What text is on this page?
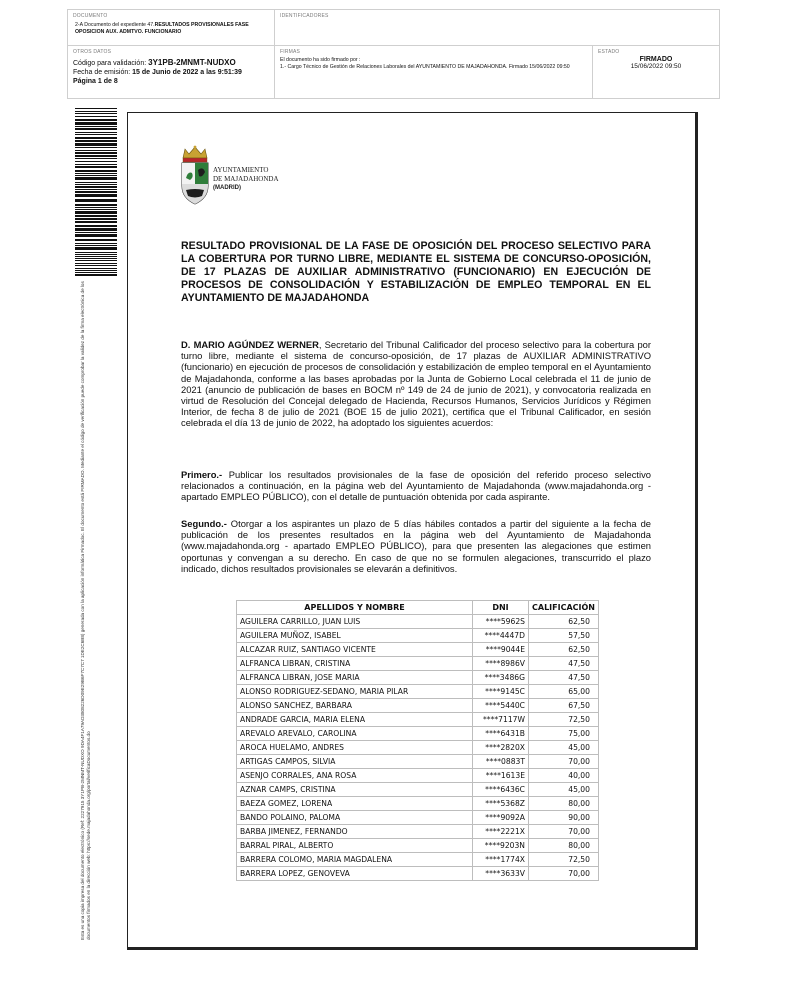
DOCUMENTO
2-A Documento del expediente 47.RESULTADOS PROVISIONALES FASE OPOSICION AUX. ADMTVO. FUNCIONARIO
IDENTIFICADORES
OTROS DATOS
Código para validación: 3Y1PB-2MNMT-NUDXO
Fecha de emisión: 15 de Junio de 2022 a las 9:51:39
Página 1 de 8
FIRMAS
El documento ha sido firmado por :
1.- Cargo Técnico de Gestión de Relaciones Laborales del AYUNTAMIENTO DE MAJADAHONDA. Firmado 15/06/2022 09:50
ESTADO
FIRMADO
15/06/2022 09:50
Esta es una copia impresa del documento electrónico (Ref: 2227915 3Y1PB-2MNMT-NUDXO 9DA4F1A79AD3808226D09E29B6F7C7C7 1DE2C6B8) generada con la aplicación informática Firmadoc. El documento está FIRMADO. Mediante el código de verificación puede comprobar la validez de la firma electrónica de los documentos firmados en la dirección web: https://sede.majadahonda.org/portal/verificaDocumentos.do
AYUNTAMIENTO
DE MAJADAHONDA
(MADRID)
RESULTADO PROVISIONAL DE LA FASE DE OPOSICIÓN DEL PROCESO SELECTIVO PARA LA COBERTURA POR TURNO LIBRE, MEDIANTE EL SISTEMA DE CONCURSO-OPOSICIÓN, DE 17 PLAZAS DE AUXILIAR ADMINISTRATIVO (FUNCIONARIO) EN EJECUCIÓN DE PROCESOS DE CONSOLIDACIÓN Y ESTABILIZACIÓN DE EMPLEO TEMPORAL EN EL AYUNTAMIENTO DE MAJADAHONDA
D. MARIO AGÚNDEZ WERNER, Secretario del Tribunal Calificador del proceso selectivo para la cobertura por turno libre, mediante el sistema de concurso-oposición, de 17 plazas de AUXILIAR ADMINISTRATIVO (funcionario) en ejecución de procesos de consolidación y estabilización de empleo temporal en el Ayuntamiento de Majadahonda, conforme a las bases aprobadas por la Junta de Gobierno Local celebrada el 11 de junio de 2021 (anuncio de publicación de bases en BOCM nº 149 de 24 de junio de 2021), y convocatoria realizada en virtud de Resolución del Concejal delegado de Hacienda, Recursos Humanos, Servicios Jurídicos y Régimen Interior, de fecha 8 de julio de 2021 (BOE 15 de julio 2021), certifica que el Tribunal Calificador, en sesión celebrada el día 13 de junio de 2022, ha adoptado los siguientes acuerdos:
Primero.- Publicar los resultados provisionales de la fase de oposición del referido proceso selectivo relacionados a continuación, en la página web del Ayuntamiento de Majadahonda (www.majadahonda.org - apartado EMPLEO PÚBLICO), con el detalle de puntuación obtenida por cada aspirante.
Segundo.- Otorgar a los aspirantes un plazo de 5 días hábiles contados a partir del siguiente a la fecha de publicación de los presentes resultados en la página web del Ayuntamiento de Majadahonda (www.majadahonda.org - apartado EMPLEO PÚBLICO), para que presenten las alegaciones que estimen oportunas y convengan a su derecho. En caso de que no se formulen alegaciones, transcurrido el plazo indicado, dichos resultados provisionales se elevarán a definitivos.
APELLIDOS Y NOMBRE	DNI	CALIFICACIÓN
AGUILERA CARRILLO, JUAN LUIS	****5962S	62,50
AGUILERA MUÑOZ, ISABEL	****4447D	57,50
ALCAZAR RUIZ, SANTIAGO VICENTE	****9044E	62,50
ALFRANCA LIBRAN, CRISTINA	****8986V	47,50
ALFRANCA LIBRAN, JOSE MARIA	****3486G	47,50
ALONSO RODRIGUEZ-SEDANO, MARIA PILAR	****9145C	65,00
ALONSO SANCHEZ, BARBARA	****5440C	67,50
ANDRADE GARCIA, MARIA ELENA	****7117W	72,50
AREVALO AREVALO, CAROLINA	****6431B	75,00
AROCA HUELAMO, ANDRES	****2820X	45,00
ARTIGAS CAMPOS, SILVIA	****0883T	70,00
ASENJO CORRALES, ANA ROSA	****1613E	40,00
AZNAR CAMPS, CRISTINA	****6436C	45,00
BAEZA GOMEZ, LORENA	****5368Z	80,00
BANDO POLAINO, PALOMA	****9092A	90,00
BARBA JIMENEZ, FERNANDO	****2221X	70,00
BARRAL PIRAL, ALBERTO	****9203N	80,00
BARRERA COLOMO, MARIA MAGDALENA	****1774X	72,50
BARRERA LOPEZ, GENOVEVA	****3633V	70,00
